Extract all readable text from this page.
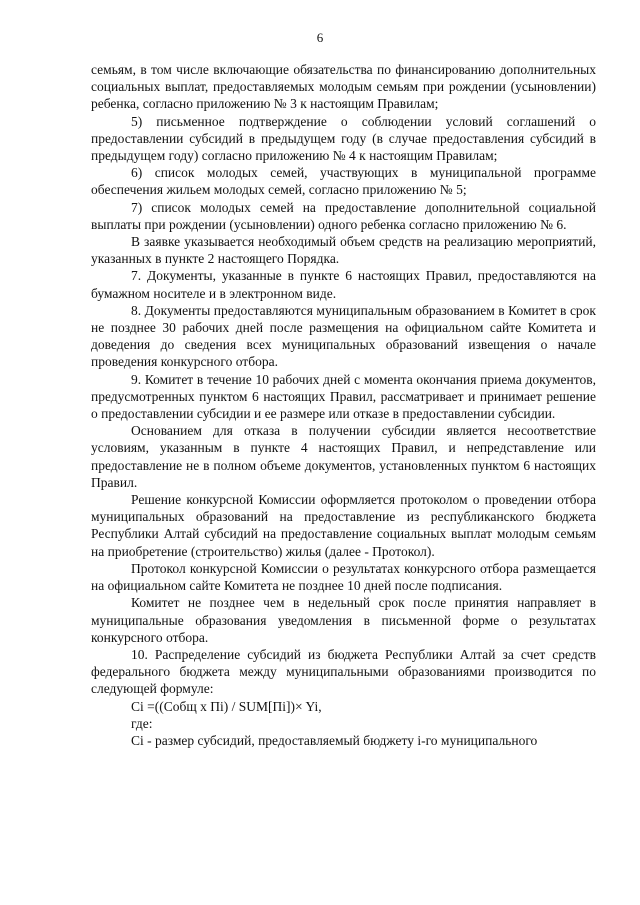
6

семьям, в том числе включающие обязательства по финансированию дополнительных социальных выплат, предоставляемых молодым семьям при рождении (усыновлении) ребенка, согласно приложению № 3 к настоящим Правилам;

5) письменное подтверждение о соблюдении условий соглашений о предоставлении субсидий в предыдущем году (в случае предоставления субсидий в предыдущем году) согласно приложению № 4 к настоящим Правилам;

6) список молодых семей, участвующих в муниципальной программе обеспечения жильем молодых семей, согласно приложению № 5;

7) список молодых семей на предоставление дополнительной социальной выплаты при рождении (усыновлении) одного ребенка согласно приложению № 6.

В заявке указывается необходимый объем средств на реализацию мероприятий, указанных в пункте 2 настоящего Порядка.

7. Документы, указанные в пункте 6 настоящих Правил, предоставляются на бумажном носителе и в электронном виде.

8. Документы предоставляются муниципальным образованием в Комитет в срок не позднее 30 рабочих дней после размещения на официальном сайте Комитета и доведения до сведения всех муниципальных образований извещения о начале проведения конкурсного отбора.

9. Комитет в течение 10 рабочих дней с момента окончания приема документов, предусмотренных пунктом 6 настоящих Правил, рассматривает и принимает решение о предоставлении субсидии и ее размере или отказе в предоставлении субсидии.

Основанием для отказа в получении субсидии является несоответствие условиям, указанным в пункте 4 настоящих Правил, и непредставление или предоставление не в полном объеме документов, установленных пунктом 6 настоящих Правил.

Решение конкурсной Комиссии оформляется протоколом о проведении отбора муниципальных образований на предоставление из республиканского бюджета Республики Алтай субсидий на предоставление социальных выплат молодым семьям на приобретение (строительство) жилья (далее - Протокол).

Протокол конкурсной Комиссии о результатах конкурсного отбора размещается на официальном сайте Комитета не позднее 10 дней после подписания.

Комитет не позднее чем в недельный срок после принятия направляет в муниципальные образования уведомления в письменной форме о результатах конкурсного отбора.

10. Распределение субсидий из бюджета Республики Алтай за счет средств федерального бюджета между муниципальными образованиями производится по следующей формуле:

Сi =((Собщ х Пi) / SUM[Пi])× Yi,

где:

Сi - размер субсидий, предоставляемый бюджету i-го муниципального
